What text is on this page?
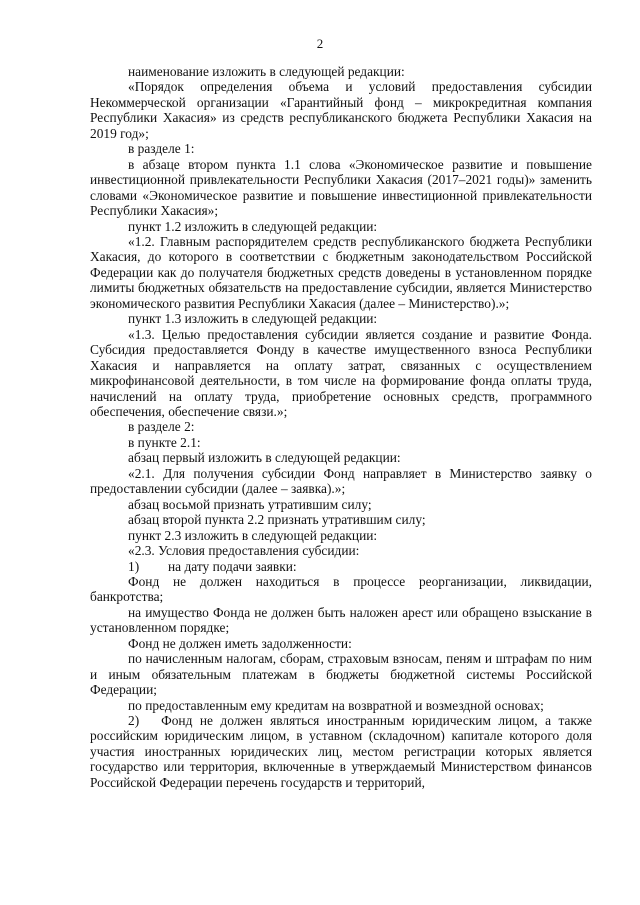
2

наименование изложить в следующей редакции:

«Порядок определения объема и условий предоставления субсидии Некоммерческой организации «Гарантийный фонд – микрокредитная компания Республики Хакасия» из средств республиканского бюджета Республики Хакасия на 2019 год»;

в разделе 1:

в абзаце втором пункта 1.1 слова «Экономическое развитие и повышение инвестиционной привлекательности Республики Хакасия (2017–2021 годы)» заменить словами «Экономическое развитие и повышение инвестиционной привлекательности Республики Хакасия»;

пункт 1.2 изложить в следующей редакции:

«1.2. Главным распорядителем средств республиканского бюджета Республики Хакасия, до которого в соответствии с бюджетным законодательством Российской Федерации как до получателя бюджетных средств доведены в установленном порядке лимиты бюджетных обязательств на предоставление субсидии, является Министерство экономического развития Республики Хакасия (далее – Министерство).»;

пункт 1.3 изложить в следующей редакции:

«1.3. Целью предоставления субсидии является создание и развитие Фонда. Субсидия предоставляется Фонду в качестве имущественного взноса Республики Хакасия и направляется на оплату затрат, связанных с осуществлением микрофинансовой деятельности, в том числе на формирование фонда оплаты труда, начислений на оплату труда, приобретение основных средств, программного обеспечения, обеспечение связи.»;

в разделе 2:

в пункте 2.1:

абзац первый изложить в следующей редакции:

«2.1. Для получения субсидии Фонд направляет в Министерство заявку о предоставлении субсидии (далее – заявка).»;

абзац восьмой признать утратившим силу;

абзац второй пункта 2.2 признать утратившим силу;

пункт 2.3 изложить в следующей редакции:

«2.3. Условия предоставления субсидии:

1)	на дату подачи заявки:

Фонд не должен находиться в процессе реорганизации, ликвидации, банкротства;

на имущество Фонда не должен быть наложен арест или обращено взыскание в установленном порядке;

Фонд не должен иметь задолженности:

по начисленным налогам, сборам, страховым взносам, пеням и штрафам по ним и иным обязательным платежам в бюджеты бюджетной системы Российской Федерации;

по предоставленным ему кредитам на возвратной и возмездной основах;

2) Фонд не должен являться иностранным юридическим лицом, а также российским юридическим лицом, в уставном (складочном) капитале которого доля участия иностранных юридических лиц, местом регистрации которых является государство или территория, включенные в утверждаемый Министерством финансов Российской Федерации перечень государств и территорий,
